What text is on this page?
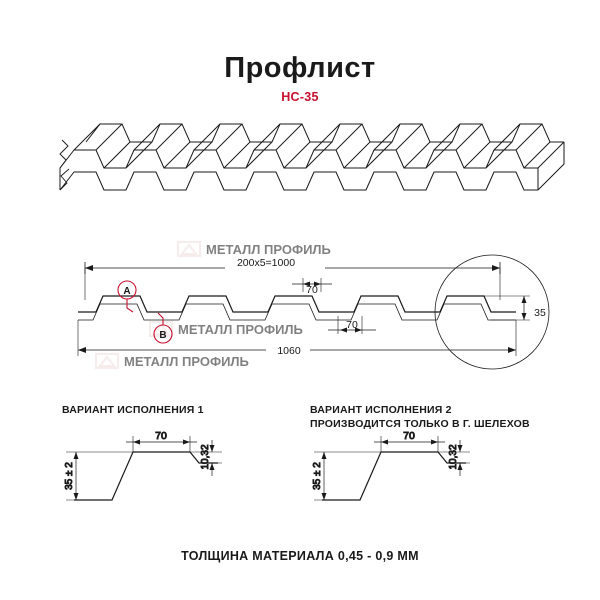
МЕТАЛЛ ПРОФИЛЬ
МЕТАЛЛ ПРОФИЛЬ
МЕТАЛЛ ПРОФИЛЬ
Профлист
НС-35
200x5=1000
70
70
35
1060
A
B
ВАРИАНТ ИСПОЛНЕНИЯ 1	ВАРИАНТ ИСПОЛНЕНИЯ 2
ПРОИЗВОДИТСЯ ТОЛЬКО В Г. ШЕЛЕХОВ
70
35 ± 2
10,32
70
35 ± 2
10,32
ТОЛЩИНА МАТЕРИАЛА 0,45 - 0,9 ММ
